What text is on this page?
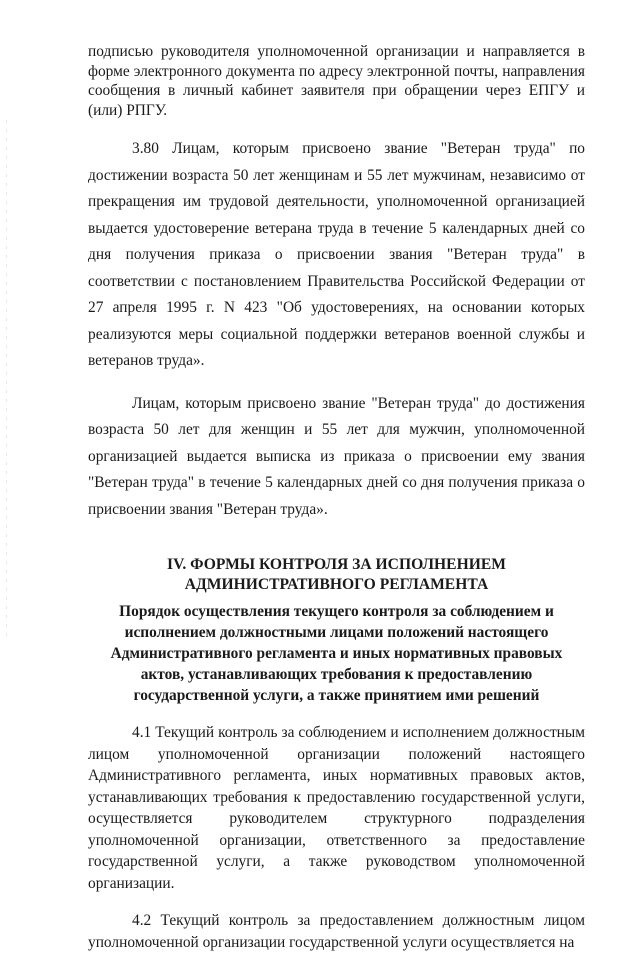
подписью руководителя уполномоченной организации и направляется в форме электронного документа по адресу электронной почты, направления сообщения в личный кабинет заявителя при обращении через ЕПГУ и (или) РПГУ.

3.80 Лицам, которым присвоено звание "Ветеран труда" по достижении возраста 50 лет женщинам и 55 лет мужчинам, независимо от прекращения им трудовой деятельности, уполномоченной организацией выдается удостоверение ветерана труда в течение 5 календарных дней со дня получения приказа о присвоении звания "Ветеран труда" в соответствии с постановлением Правительства Российской Федерации от 27 апреля 1995 г. N 423 "Об удостоверениях, на основании которых реализуются меры социальной поддержки ветеранов военной службы и ветеранов труда».

Лицам, которым присвоено звание "Ветеран труда" до достижения возраста 50 лет для женщин и 55 лет для мужчин, уполномоченной организацией выдается выписка из приказа о присвоении ему звания "Ветеран труда" в течение 5 календарных дней со дня получения приказа о присвоении звания "Ветеран труда».

IV. ФОРМЫ КОНТРОЛЯ ЗА ИСПОЛНЕНИЕМ АДМИНИСТРАТИВНОГО РЕГЛАМЕНТА

Порядок осуществления текущего контроля за соблюдением и исполнением должностными лицами положений настоящего Административного регламента и иных нормативных правовых актов, устанавливающих требования к предоставлению государственной услуги, а также принятием ими решений

4.1 Текущий контроль за соблюдением и исполнением должностным лицом уполномоченной организации положений настоящего Административного регламента, иных нормативных правовых актов, устанавливающих требования к предоставлению государственной услуги, осуществляется руководителем структурного подразделения уполномоченной организации, ответственного за предоставление государственной услуги, а также руководством уполномоченной организации.

4.2 Текущий контроль за предоставлением должностным лицом уполномоченной организации государственной услуги осуществляется на
